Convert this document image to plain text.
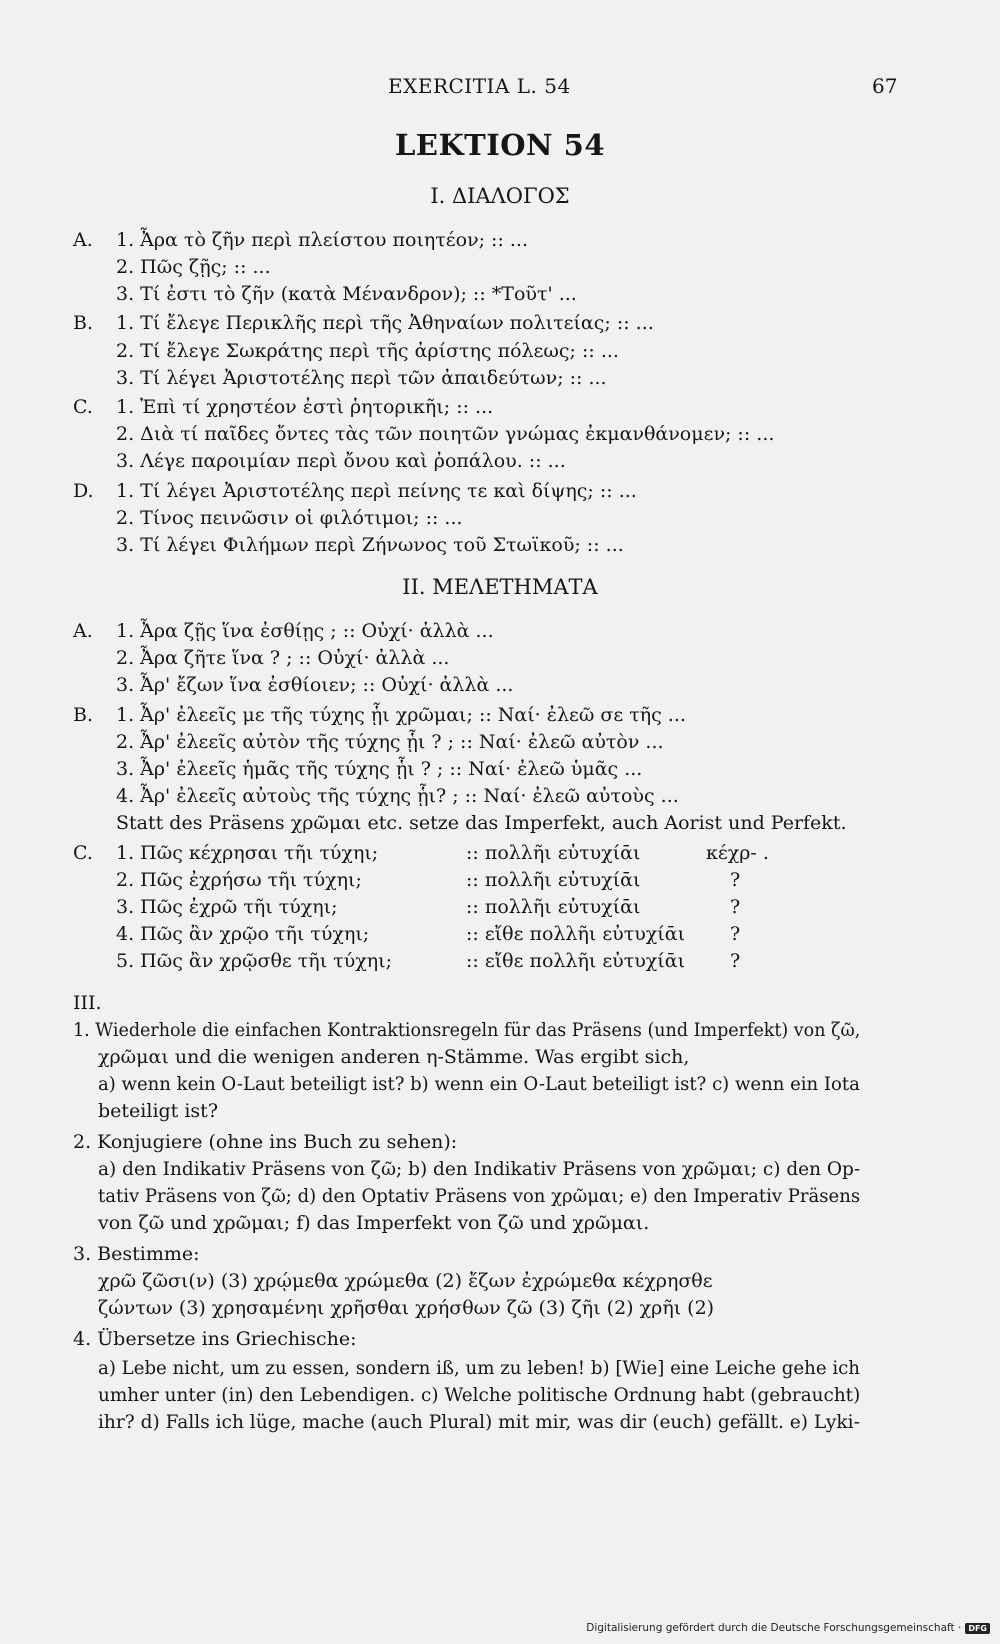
EXERCITIA L. 54	67
LEKTION 54
I. ΔΙΑΛΟΓΟΣ
A. 1. Ἆρα τὸ ζῆν περὶ πλείστου ποιητέον; :: ...
2. Πῶς ζῇς; :: ...
3. Τί ἐστι τὸ ζῆν (κατὰ Μένανδρον); :: *Τοῦτ' ...
B. 1. Τί ἔλεγε Περικλῆς περὶ τῆς Ἀθηναίων πολιτείας; :: ...
2. Τί ἔλεγε Σωκράτης περὶ τῆς ἀρίστης πόλεως; :: ...
3. Τί λέγει Ἀριστοτέλης περὶ τῶν ἀπαιδεύτων; :: ...
C. 1. Ἐπὶ τί χρηστέον ἐστὶ ῥητορικῆι; :: ...
2. Διὰ τί παῖδες ὄντες τὰς τῶν ποιητῶν γνώμας ἐκμανθάνομεν; :: ...
3. Λέγε παροιμίαν περὶ ὄνου καὶ ῥοπάλου. :: ...
D. 1. Τί λέγει Ἀριστοτέλης περὶ πείνης τε καὶ δίψης; :: ...
2. Τίνος πεινῶσιν οἱ φιλότιμοι; :: ...
3. Τί λέγει Φιλήμων περὶ Ζήνωνος τοῦ Στωϊκοῦ; :: ...
II. ΜΕΛΕΤΗΜΑΤΑ
A. 1. Ἆρα ζῇς ἵνα ἐσθίῃς ; :: Οὐχί· ἀλλὰ ...
2. Ἆρα ζῆτε ἵνα ? ; :: Οὐχί· ἀλλὰ ...
3. Ἆρ' ἔζων ἵνα ἐσθίοιεν; :: Οὐχί· ἀλλὰ ...
B. 1. Ἆρ' ἐλεεῖς με τῆς τύχης ᾗι χρῶμαι; :: Ναί· ἐλεῶ σε τῆς ...
2. Ἆρ' ἐλεεῖς αὐτὸν τῆς τύχης ᾗι ? ; :: Ναί· ἐλεῶ αὐτὸν ...
3. Ἆρ' ἐλεεῖς ἡμᾶς τῆς τύχης ᾗι ? ; :: Ναί· ἐλεῶ ὑμᾶς ...
4. Ἆρ' ἐλεεῖς αὐτοὺς τῆς τύχης ᾗι? ; :: Ναί· ἐλεῶ αὐτοὺς ...
Statt des Präsens χρῶμαι etc. setze das Imperfekt, auch Aorist und Perfekt.
C. 1. Πῶς κέχρησαι τῆι τύχηι;	:: πολλῆι εὐτυχίᾱι	κέχρ- .
2. Πῶς ἐχρήσω τῆι τύχηι;	:: πολλῆι εὐτυχίᾱι	?
3. Πῶς ἐχρῶ τῆι τύχηι;	:: πολλῆι εὐτυχίᾱι	?
4. Πῶς ἂν χρῷο τῆι τύχηι;	:: εἴθε πολλῆι εὐτυχίᾱι ?
5. Πῶς ἂν χρῷσθε τῆι τύχηι;	:: εἴθε πολλῆι εὐτυχίᾱι ?
III.
1. Wiederhole die einfachen Kontraktionsregeln für das Präsens (und Imperfekt) von ζῶ,
χρῶμαι und die wenigen anderen η-Stämme. Was ergibt sich,
a) wenn kein O-Laut beteiligt ist? b) wenn ein O-Laut beteiligt ist? c) wenn ein Iota
beteiligt ist?
2. Konjugiere (ohne ins Buch zu sehen):
a) den Indikativ Präsens von ζῶ; b) den Indikativ Präsens von χρῶμαι; c) den Op-
tativ Präsens von ζῶ; d) den Optativ Präsens von χρῶμαι; e) den Imperativ Präsens
von ζῶ und χρῶμαι; f) das Imperfekt von ζῶ und χρῶμαι.
3. Bestimme:
χρῶ ζῶσι(ν) (3) χρῴμεθα χρώμεθα (2) ἔζων ἐχρώμεθα κέχρησθε
ζώντων (3) χρησαμένηι χρῆσθαι χρήσθων ζῶ (3) ζῆι (2) χρῆι (2)
4. Übersetze ins Griechische:
a) Lebe nicht, um zu essen, sondern iß, um zu leben! b) [Wie] eine Leiche gehe ich
umher unter (in) den Lebendigen. c) Welche politische Ordnung habt (gebraucht)
ihr? d) Falls ich lüge, mache (auch Plural) mit mir, was dir (euch) gefällt. e) Lyki-
Digitalisierung gefördert durch die Deutsche Forschungsgemeinschaft · DFG
